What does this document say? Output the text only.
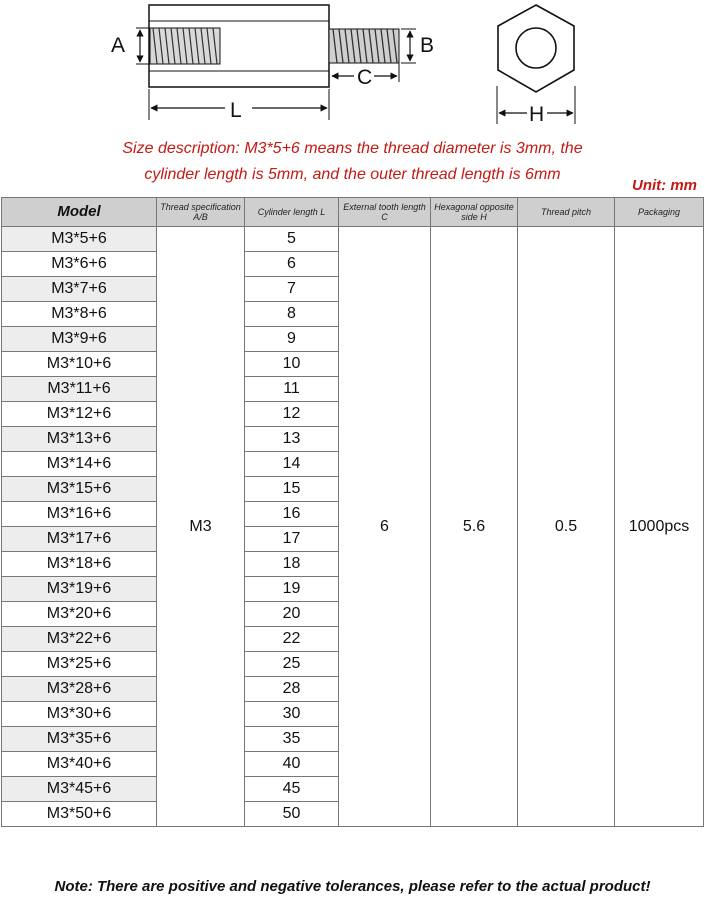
A	B
C
L	H
Size description: M3*5+6 means the thread diameter is 3mm, the
cylinder length is 5mm, and the outer thread length is 6mm
Unit: mm
Model	Thread specification A/B	Cylinder length L	External tooth length C	Hexagonal opposite side H	Thread pitch	Packaging
M3*5+6	M3	5	6	5.6	0.5	1000pcs
M3*6+6		6				
M3*7+6		7				
M3*8+6		8				
M3*9+6		9				
M3*10+6		10				
M3*11+6		11				
M3*12+6		12				
M3*13+6		13				
M3*14+6		14				
M3*15+6		15				
M3*16+6		16				
M3*17+6		17				
M3*18+6		18				
M3*19+6		19				
M3*20+6		20				
M3*22+6		22				
M3*25+6		25				
M3*28+6		28				
M3*30+6		30				
M3*35+6		35				
M3*40+6		40				
M3*45+6		45				
M3*50+6		50				
Note: There are positive and negative tolerances, please refer to the actual product!
